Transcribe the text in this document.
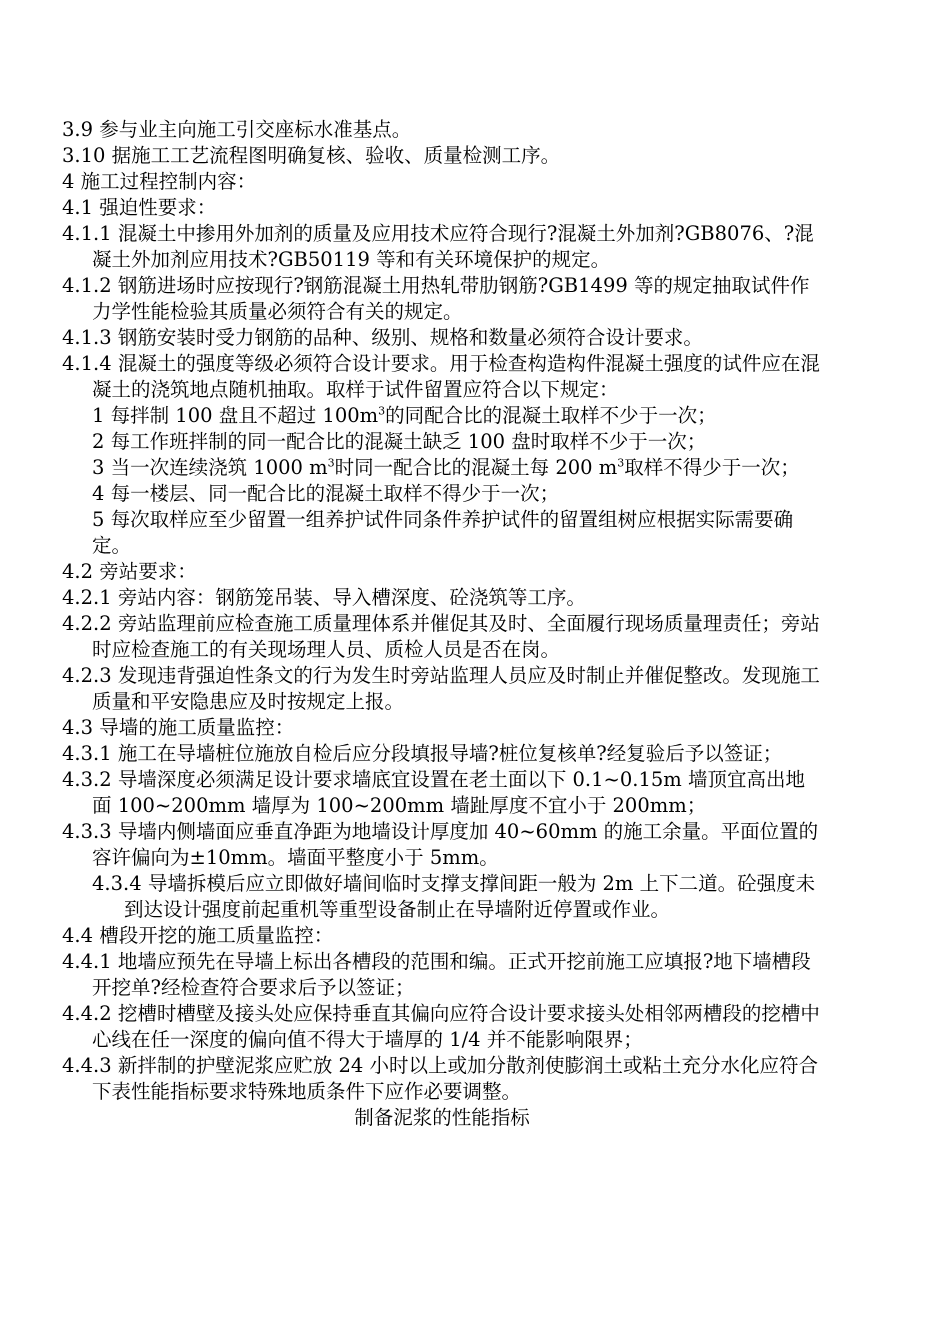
3.9 参与业主向施工引交座标水准基点。

3.10 据施工工艺流程图明确复核、验收、质量检测工序。

4 施工过程控制内容：

4.1 强迫性要求：

4.1.1 混凝土中掺用外加剂的质量及应用技术应符合现行?混凝土外加剂?GB8076、?混凝土外加剂应用技术?GB50119 等和有关环境保护的规定。

4.1.2 钢筋进场时应按现行?钢筋混凝土用热轧带肋钢筋?GB1499 等的规定抽取试件作力学性能检验其质量必须符合有关的规定。

4.1.3 钢筋安装时受力钢筋的品种、级别、规格和数量必须符合设计要求。

4.1.4 混凝土的强度等级必须符合设计要求。用于检查构造构件混凝土强度的试件应在混凝土的浇筑地点随机抽取。取样于试件留置应符合以下规定：

1 每拌制 100 盘且不超过 $100m^3$的同配合比的混凝土取样不少于一次；

2 每工作班拌制的同一配合比的混凝土缺乏 100 盘时取样不少于一次；

3 当一次连续浇筑 1000 $m^3$时同一配合比的混凝土每 200 $m^3$取样不得少于一次；

4 每一楼层、同一配合比的混凝土取样不得少于一次；

5 每次取样应至少留置一组养护试件同条件养护试件的留置组树应根据实际需要确定。

4.2 旁站要求：

4.2.1 旁站内容：钢筋笼吊装、导入槽深度、砼浇筑等工序。

4.2.2 旁站监理前应检查施工质量理体系并催促其及时、全面履行现场质量理责任；旁站时应检查施工的有关现场理人员、质检人员是否在岗。

4.2.3 发现违背强迫性条文的行为发生时旁站监理人员应及时制止并催促整改。发现施工质量和平安隐患应及时按规定上报。

4.3 导墙的施工质量监控：

4.3.1 施工在导墙桩位施放自检后应分段填报导墙?桩位复核单?经复验后予以签证；

4.3.2 导墙深度必须满足设计要求墙底宜设置在老土面以下 0.1~0.15m 墙顶宜高出地面 100~200mm 墙厚为 100~200mm 墙趾厚度不宜小于 200mm；

4.3.3 导墙内侧墙面应垂直净距为地墙设计厚度加 40~60mm 的施工余量。平面位置的容许偏向为±10mm。墙面平整度小于 5mm。

4.3.4 导墙拆模后应立即做好墙间临时支撑支撑间距一般为 2m 上下二道。砼强度未到达设计强度前起重机等重型设备制止在导墙附近停置或作业。

4.4 槽段开挖的施工质量监控：

4.4.1 地墙应预先在导墙上标出各槽段的范围和编。正式开挖前施工应填报?地下墙槽段开挖单?经检查符合要求后予以签证；

4.4.2 挖槽时槽壁及接头处应保持垂直其偏向应符合设计要求接头处相邻两槽段的挖槽中心线在任一深度的偏向值不得大于墙厚的 1/4 并不能影响限界；

4.4.3 新拌制的护壁泥浆应贮放 24 小时以上或加分散剂使膨润土或粘土充分水化应符合下表性能指标要求特殊地质条件下应作必要调整。

制备泥浆的性能指标
